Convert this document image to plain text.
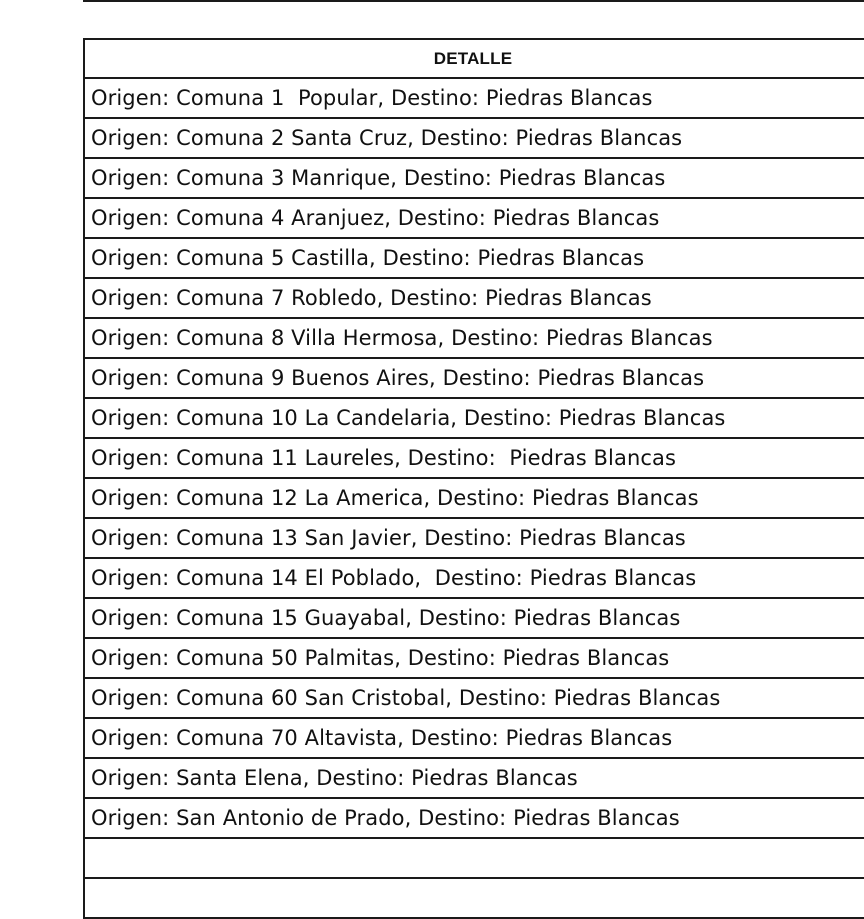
DETALLE
Origen: Comuna 1  Popular, Destino: Piedras Blancas
Origen: Comuna 2 Santa Cruz, Destino: Piedras Blancas
Origen: Comuna 3 Manrique, Destino: Piedras Blancas
Origen: Comuna 4 Aranjuez, Destino: Piedras Blancas
Origen: Comuna 5 Castilla, Destino: Piedras Blancas
Origen: Comuna 7 Robledo, Destino: Piedras Blancas
Origen: Comuna 8 Villa Hermosa, Destino: Piedras Blancas
Origen: Comuna 9 Buenos Aires, Destino: Piedras Blancas
Origen: Comuna 10 La Candelaria, Destino: Piedras Blancas
Origen: Comuna 11 Laureles, Destino:  Piedras Blancas
Origen: Comuna 12 La America, Destino: Piedras Blancas
Origen: Comuna 13 San Javier, Destino: Piedras Blancas
Origen: Comuna 14 El Poblado,  Destino: Piedras Blancas
Origen: Comuna 15 Guayabal, Destino: Piedras Blancas
Origen: Comuna 50 Palmitas, Destino: Piedras Blancas
Origen: Comuna 60 San Cristobal, Destino: Piedras Blancas
Origen: Comuna 70 Altavista, Destino: Piedras Blancas
Origen: Santa Elena, Destino: Piedras Blancas
Origen: San Antonio de Prado, Destino: Piedras Blancas
